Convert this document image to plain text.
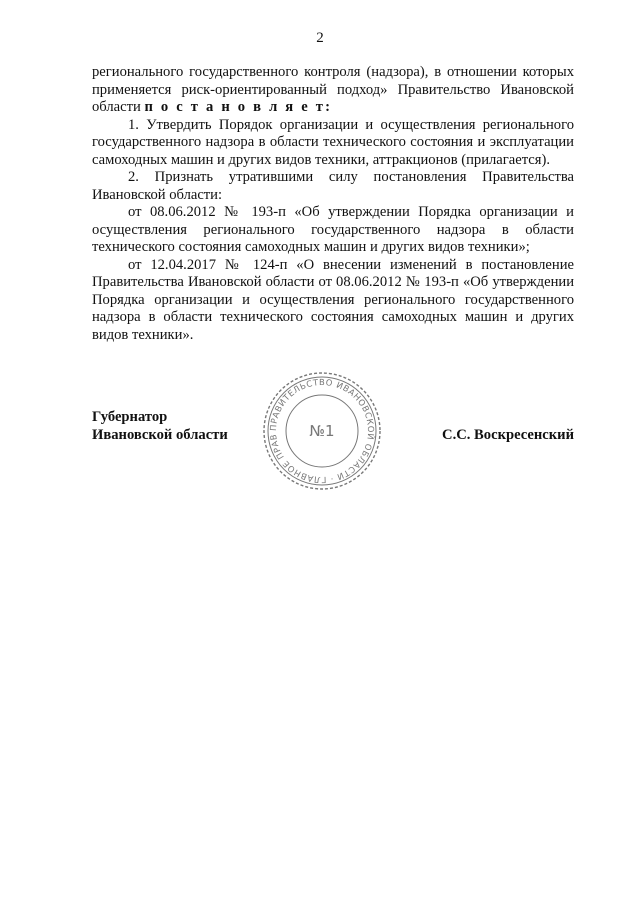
2

регионального государственного контроля (надзора), в отношении которых применяется риск-ориентированный подход» Правительство Ивановской области п о с т а н о в л я е т:

1. Утвердить Порядок организации и осуществления регионального государственного надзора в области технического состояния и эксплуатации самоходных машин и других видов техники, аттракционов (прилагается).

2. Признать утратившими силу постановления Правительства Ивановской области:

от 08.06.2012 № 193-п «Об утверждении Порядка организации и осуществления регионального государственного надзора в области технического состояния самоходных машин и других видов техники»;

от 12.04.2017 № 124-п «О внесении изменений в постановление Правительства Ивановской области от 08.06.2012 № 193-п «Об утверждении Порядка организации и осуществления регионального государственного надзора в области технического состояния самоходных машин и других видов техники».

Губернатор
Ивановской области	ПРАВИТЕЛЬСТВО ИВАНОВСКОЙ ОБЛАСТИ · ГЛАВНОЕ ПРАВ	№1	С.С. Воскресенский
